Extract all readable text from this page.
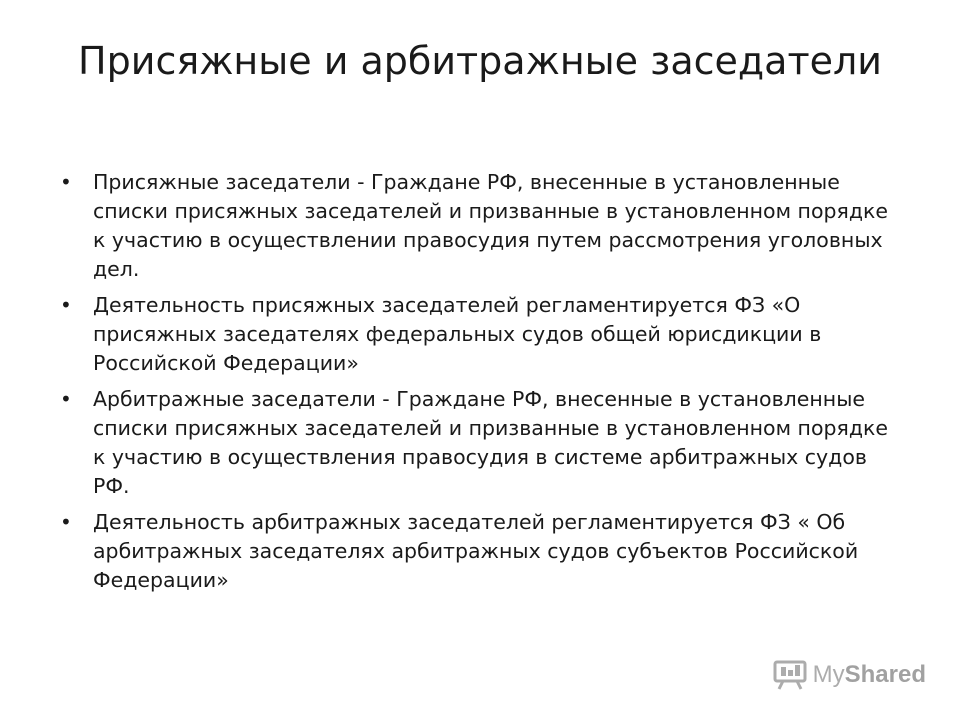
Присяжные и арбитражные заседатели
• Присяжные заседатели - Граждане РФ, внесенные в установленные списки присяжных заседателей и призванные в установленном порядке к участию в осуществлении правосудия путем рассмотрения уголовных дел.
• Деятельность присяжных заседателей регламентируется ФЗ «О присяжных заседателях федеральных судов общей юрисдикции в Российской Федерации»
• Арбитражные заседатели - Граждане РФ, внесенные в установленные списки присяжных заседателей и призванные в установленном порядке к участию в осуществления правосудия в системе арбитражных судов РФ.
• Деятельность арбитражных заседателей регламентируется ФЗ « Об арбитражных заседателях арбитражных судов субъектов Российской Федерации»
MyShared
